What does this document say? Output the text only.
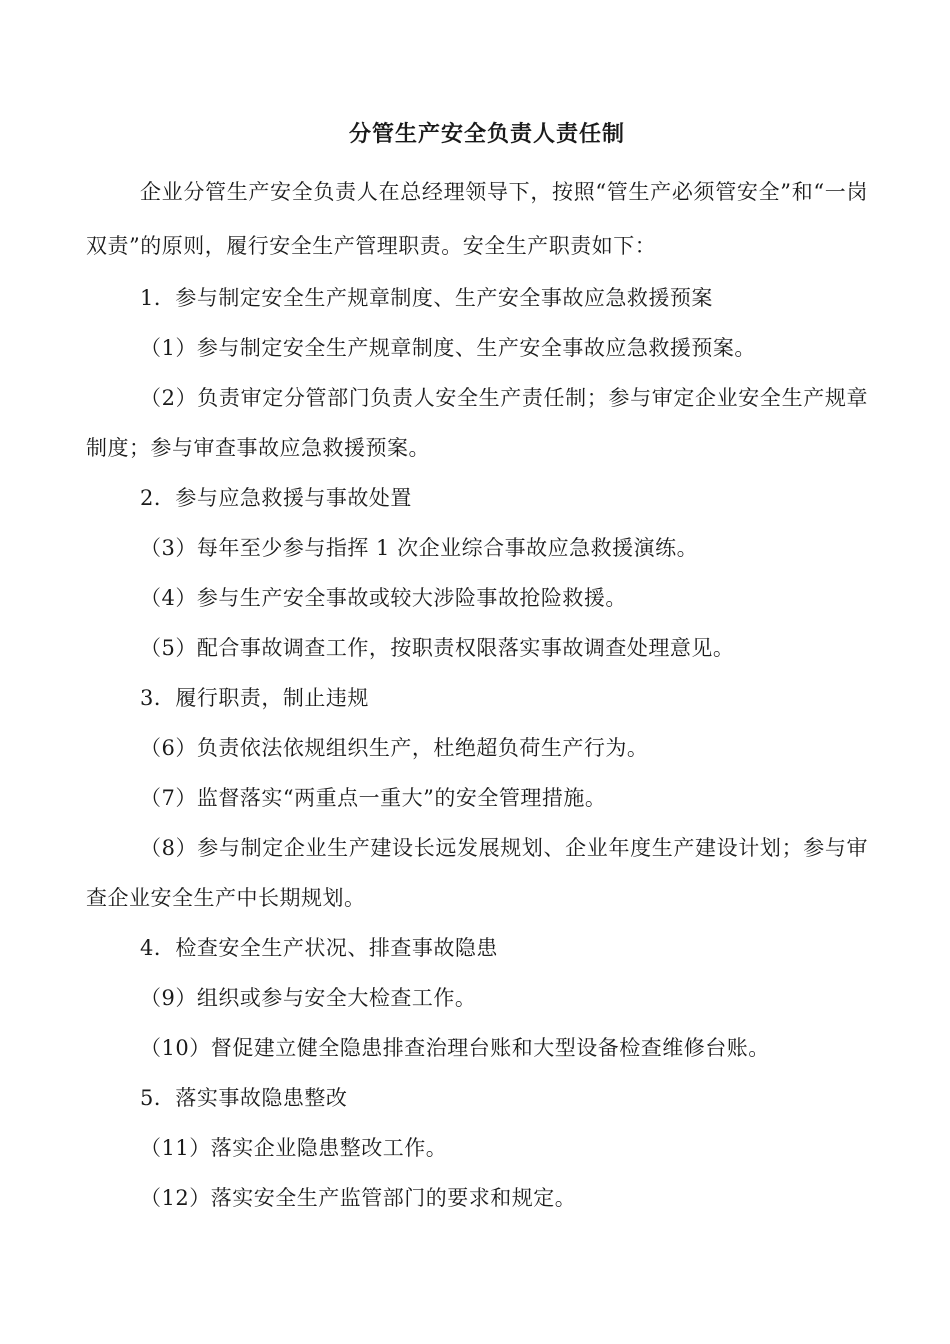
分管生产安全负责人责任制

企业分管生产安全负责人在总经理领导下，按照“管生产必须管安全”和“一岗双责”的原则，履行安全生产管理职责。安全生产职责如下：

1．参与制定安全生产规章制度、生产安全事故应急救援预案

（1）参与制定安全生产规章制度、生产安全事故应急救援预案。

（2）负责审定分管部门负责人安全生产责任制；参与审定企业安全生产规章制度；参与审查事故应急救援预案。

2．参与应急救援与事故处置

（3）每年至少参与指挥 1 次企业综合事故应急救援演练。

（4）参与生产安全事故或较大涉险事故抢险救援。

（5）配合事故调查工作，按职责权限落实事故调查处理意见。

3．履行职责，制止违规

（6）负责依法依规组织生产，杜绝超负荷生产行为。

（7）监督落实“两重点一重大”的安全管理措施。

（8）参与制定企业生产建设长远发展规划、企业年度生产建设计划；参与审查企业安全生产中长期规划。

4．检查安全生产状况、排查事故隐患

（9）组织或参与安全大检查工作。

（10）督促建立健全隐患排查治理台账和大型设备检查维修台账。

5．落实事故隐患整改

（11）落实企业隐患整改工作。

（12）落实安全生产监管部门的要求和规定。
